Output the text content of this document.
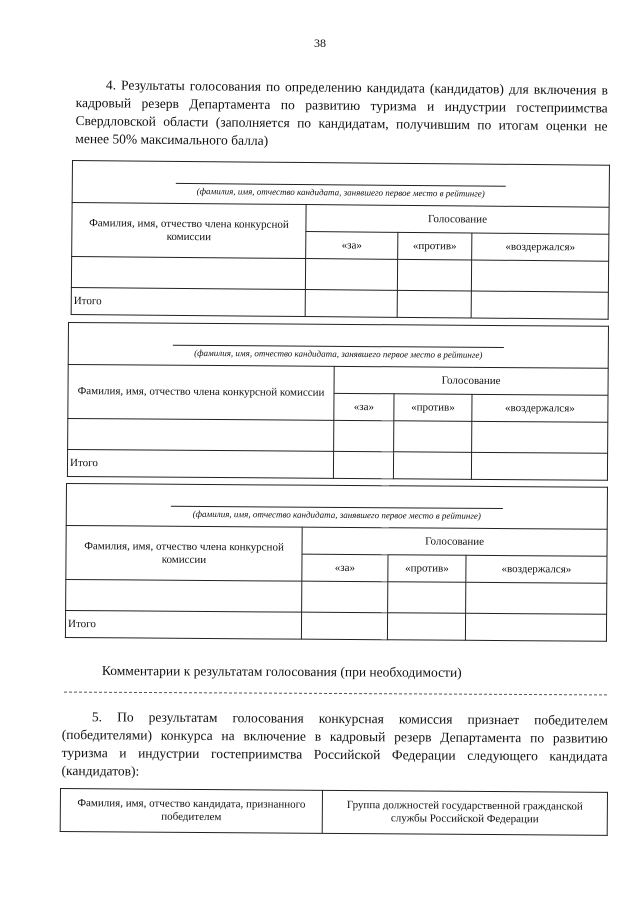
38

4. Результаты голосования по определению кандидата (кандидатов) для включения в кадровый резерв Департамента по развитию туризма и индустрии гостеприимства Свердловской области (заполняется по кандидатам, получившим по итогам оценки не менее 50% максимального балла)

(фамилия, имя, отчество кандидата, занявшего первое место в рейтинге)			

Фамилия, имя, отчество члена конкурсной комиссии	Голосование		
	«за»	«против»	«воздержался»

Итого			
(фамилия, имя, отчество кандидата, занявшего первое место в рейтинге)			

Фамилия, имя, отчество члена конкурсной комиссии	Голосование		
	«за»	«против»	«воздержался»

Итого			
(фамилия, имя, отчество кандидата, занявшего первое место в рейтинге)			

Фамилия, имя, отчество члена конкурсной комиссии	Голосование		
	«за»	«против»	«воздержался»

Итого			
Комментарии к результатам голосования (при необходимости)

5. По результатам голосования конкурсная комиссия признает победителем (победителями) конкурса на включение в кадровый резерв Департамента по развитию туризма и индустрии гостеприимства Российской Федерации следующего кандидата (кандидатов):

Фамилия, имя, отчество кандидата, признанного победителем	Группа должностей государственной гражданской службы Российской Федерации
